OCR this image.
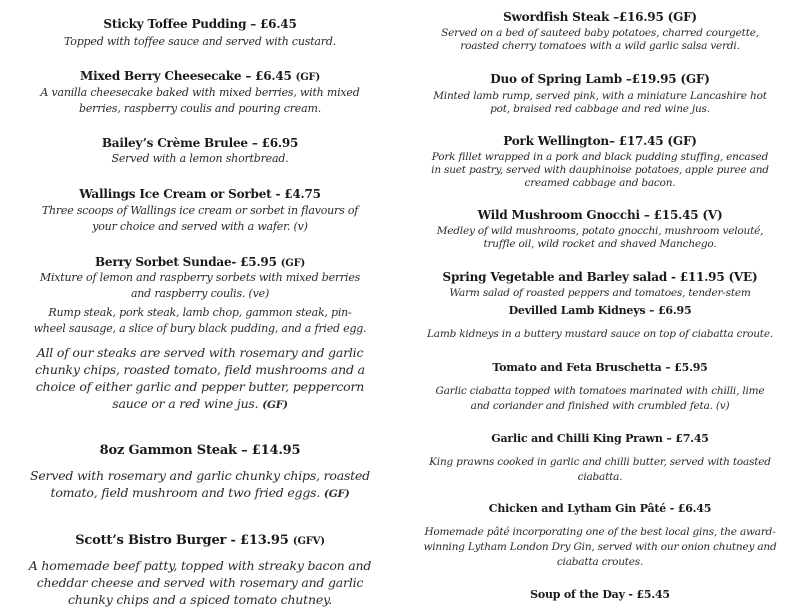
Sticky Toffee Pudding – £6.45
Topped with toffee sauce and served with custard.
Mixed Berry Cheesecake – £6.45 (GF)
A vanilla cheesecake baked with mixed berries, with mixed
berries, raspberry coulis and pouring cream.
Bailey’s Crème Brulee – £6.95
Served with a lemon shortbread.
Wallings Ice Cream or Sorbet - £4.75
Three scoops of Wallings ice cream or sorbet in flavours of
your choice and served with a wafer. (v)
Berry Sorbet Sundae- £5.95 (GF)
Mixture of lemon and raspberry sorbets with mixed berries
and raspberry coulis. (ve)
Rump steak, pork steak, lamb chop, gammon steak, pin-
wheel sausage, a slice of bury black pudding, and a fried egg.
All of our steaks are served with rosemary and garlic
chunky chips, roasted tomato, field mushrooms and a
choice of either garlic and pepper butter, peppercorn
sauce or a red wine jus. (GF)
8oz Gammon Steak – £14.95
Served with rosemary and garlic chunky chips, roasted
tomato, field mushroom and two fried eggs. (GF)
Scott’s Bistro Burger - £13.95 (GFV)
A homemade beef patty, topped with streaky bacon and
cheddar cheese and served with rosemary and garlic
chunky chips and a spiced tomato chutney.
Swordfish Steak –£16.95 (GF)
Served on a bed of sauteed baby potatoes, charred courgette,
roasted cherry tomatoes with a wild garlic salsa verdi.
Duo of Spring Lamb –£19.95 (GF)
Minted lamb rump, served pink, with a miniature Lancashire hot
pot, braised red cabbage and red wine jus.
Pork Wellington– £17.45 (GF)
Pork fillet wrapped in a pork and black pudding stuffing, encased
in suet pastry, served with dauphinoise potatoes, apple puree and
creamed cabbage and bacon.
Wild Mushroom Gnocchi – £15.45 (V)
Medley of wild mushrooms, potato gnocchi, mushroom velouté,
truffle oil, wild rocket and shaved Manchego.
Spring Vegetable and Barley salad - £11.95 (VE)
Warm salad of roasted peppers and tomatoes, tender-stem
Devilled Lamb Kidneys – £6.95
Lamb kidneys in a buttery mustard sauce on top of ciabatta croute.
Tomato and Feta Bruschetta – £5.95
Garlic ciabatta topped with tomatoes marinated with chilli, lime
and coriander and finished with crumbled feta. (v)
Garlic and Chilli King Prawn – £7.45
King prawns cooked in garlic and chilli butter, served with toasted
ciabatta.
Chicken and Lytham Gin Pâté - £6.45
Homemade pâté incorporating one of the best local gins, the award-
winning Lytham London Dry Gin, served with our onion chutney and
ciabatta croutes.
Soup of the Day - £5.45
